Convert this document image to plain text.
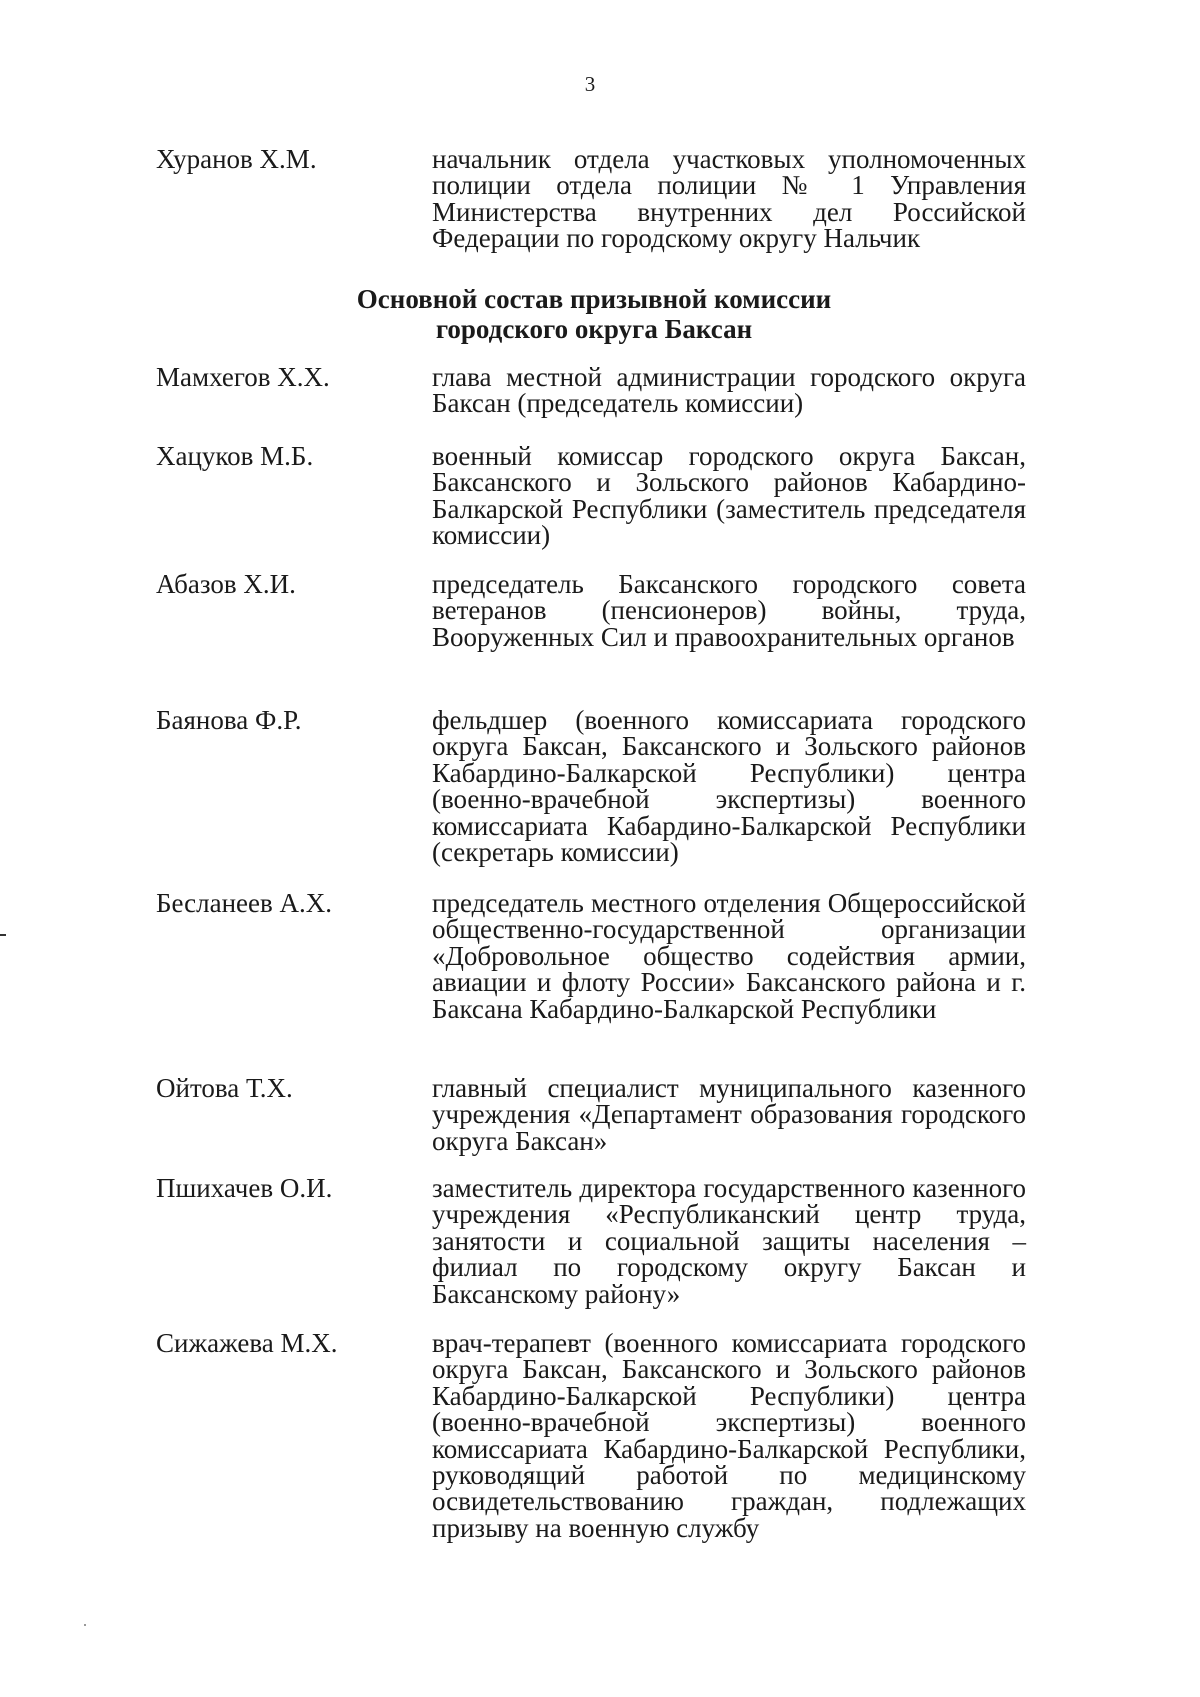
3
Хуранов Х.М.	начальник отдела участковых уполномоченных полиции отдела полиции № 1 Управления Министерства внутренних дел Российской Федерации по городскому округу Нальчик
Основной состав призывной комиссии
городского округа Баксан
Мамхегов Х.Х.	глава местной администрации городского округа Баксан (председатель комиссии)
Хацуков М.Б.	военный комиссар городского округа Баксан, Баксанского и Зольского районов Кабардино-Балкарской Республики (заместитель председателя комиссии)
Абазов Х.И.	председатель Баксанского городского совета ветеранов (пенсионеров) войны, труда, Вооруженных Сил и правоохранительных органов
Баянова Ф.Р.	фельдшер (военного комиссариата городского округа Баксан, Баксанского и Зольского районов Кабардино-Балкарской Республики) центра (военно-врачебной экспертизы) военного комиссариата Кабардино-Балкарской Республики (секретарь комиссии)
Бесланеев А.Х.	председатель местного отделения Общероссийской общественно-государственной организации «Добровольное общество содействия армии, авиации и флоту России» Баксанского района и г. Баксана Кабардино-Балкарской Республики
Ойтова Т.Х.	главный специалист муниципального казенного учреждения «Департамент образования городского округа Баксан»
Пшихачев О.И.	заместитель директора государственного казенного учреждения «Республиканский центр труда, занятости и социальной защиты населения – филиал по городскому округу Баксан и Баксанскому району»
Сижажева М.Х.	врач-терапевт (военного комиссариата городского округа Баксан, Баксанского и Зольского районов Кабардино-Балкарской Республики) центра (военно-врачебной экспертизы) военного комиссариата Кабардино-Балкарской Республики, руководящий работой по медицинскому освидетельствованию граждан, подлежащих призыву на военную службу
